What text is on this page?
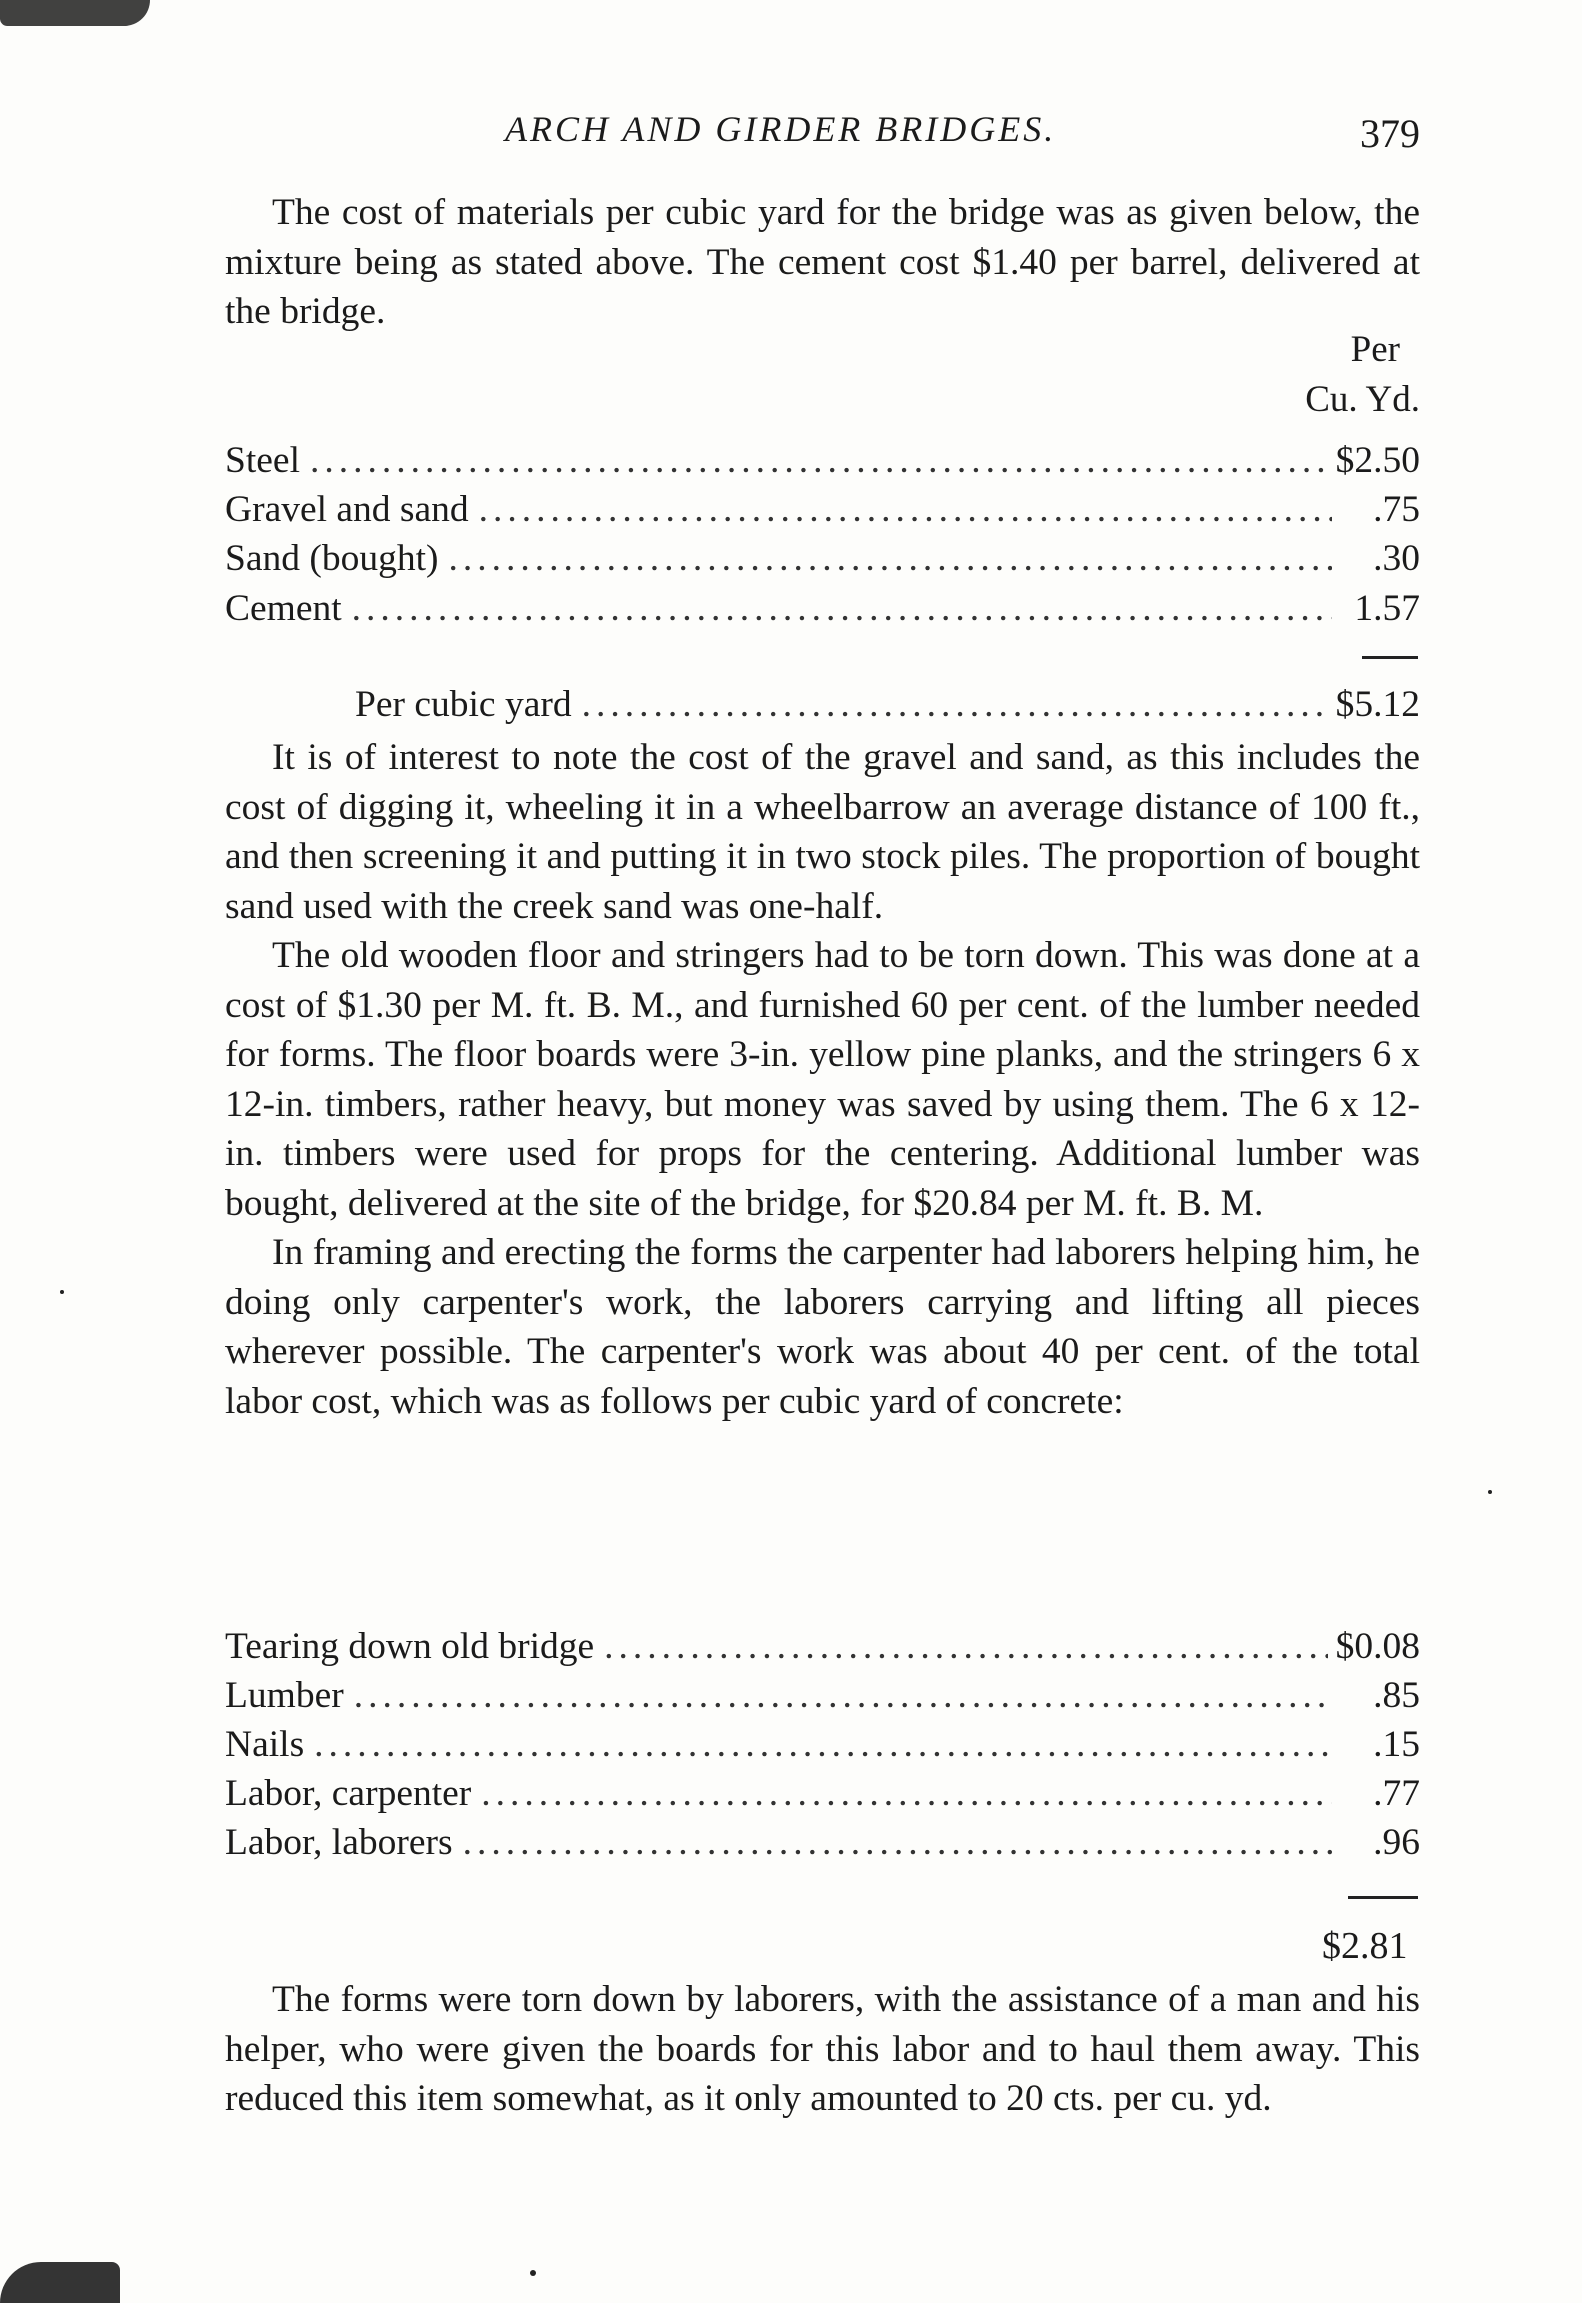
ARCH AND GIRDER BRIDGES.	379

The cost of materials per cubic yard for the bridge was as given below, the mixture being as stated above. The cement cost $1.40 per barrel, delivered at the bridge.

Per
Cu. Yd.
Steel .....	$2.50
Gravel and sand .....	.75
Sand (bought) .....	.30
Cement .....	1.57
Per cubic yard .....	$5.12

It is of interest to note the cost of the gravel and sand, as this includes the cost of digging it, wheeling it in a wheelbarrow an average distance of 100 ft., and then screening it and putting it in two stock piles. The proportion of bought sand used with the creek sand was one-half.

The old wooden floor and stringers had to be torn down. This was done at a cost of $1.30 per M. ft. B. M., and furnished 60 per cent. of the lumber needed for forms. The floor boards were 3-in. yellow pine planks, and the stringers 6 x 12-in. timbers, rather heavy, but money was saved by using them. The 6 x 12-in. timbers were used for props for the centering. Additional lumber was bought, delivered at the site of the bridge, for $20.84 per M. ft. B. M.

In framing and erecting the forms the carpenter had laborers helping him, he doing only carpenter's work, the laborers carrying and lifting all pieces wherever possible. The carpenter's work was about 40 per cent. of the total labor cost, which was as follows per cubic yard of concrete:

Tearing down old bridge .....	$0.08
Lumber .....	.85
Nails .....	.15
Labor, carpenter .....	.77
Labor, laborers .....	.96
$2.81

The forms were torn down by laborers, with the assistance of a man and his helper, who were given the boards for this labor and to haul them away. This reduced this item somewhat, as it only amounted to 20 cts. per cu. yd.
